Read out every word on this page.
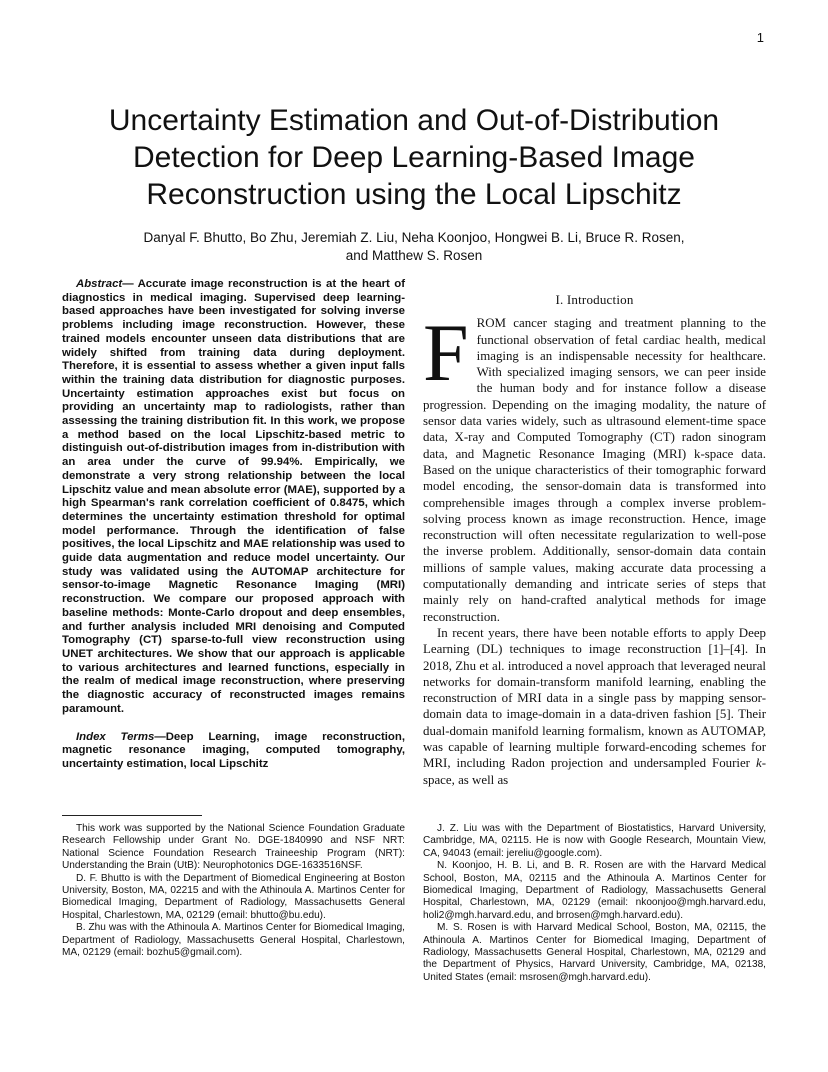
1
Uncertainty Estimation and Out-of-Distribution
Detection for Deep Learning-Based Image
Reconstruction using the Local Lipschitz
Danyal F. Bhutto, Bo Zhu, Jeremiah Z. Liu, Neha Koonjoo, Hongwei B. Li, Bruce R. Rosen,
and Matthew S. Rosen

Abstract— Accurate image reconstruction is at the heart of diagnostics in medical imaging. Supervised deep learning-based approaches have been investigated for solving inverse problems including image reconstruction. However, these trained models encounter unseen data distributions that are widely shifted from training data during deployment. Therefore, it is essential to assess whether a given input falls within the training data distribution for diagnostic purposes. Uncertainty estimation approaches exist but focus on providing an uncertainty map to radiologists, rather than assessing the training distribution fit. In this work, we propose a method based on the local Lipschitz-based metric to distinguish out-of-distribution images from in-distribution with an area under the curve of 99.94%. Empirically, we demonstrate a very strong relationship between the local Lipschitz value and mean absolute error (MAE), supported by a high Spearman's rank correlation coefficient of 0.8475, which determines the uncertainty estimation threshold for optimal model performance. Through the identification of false positives, the local Lipschitz and MAE relationship was used to guide data augmentation and reduce model uncertainty. Our study was validated using the AUTOMAP architecture for sensor-to-image Magnetic Resonance Imaging (MRI) reconstruction. We compare our proposed approach with baseline methods: Monte-Carlo dropout and deep ensembles, and further analysis included MRI denoising and Computed Tomography (CT) sparse-to-full view reconstruction using UNET architectures. We show that our approach is applicable to various architectures and learned functions, especially in the realm of medical image reconstruction, where preserving the diagnostic accuracy of reconstructed images remains paramount.

Index Terms—Deep Learning, image reconstruction, magnetic resonance imaging, computed tomography, uncertainty estimation, local Lipschitz

I. Introduction

FROM cancer staging and treatment planning to the functional observation of fetal cardiac health, medical imaging is an indispensable necessity for healthcare. With specialized imaging sensors, we can peer inside the human body and for instance follow a disease progression. Depending on the imaging modality, the nature of sensor data varies widely, such as ultrasound element-time space data, X-ray and Computed Tomography (CT) radon sinogram data, and Magnetic Resonance Imaging (MRI) k-space data. Based on the unique characteristics of their tomographic forward model encoding, the sensor-domain data is transformed into comprehensible images through a complex inverse problem-solving process known as image reconstruction. Hence, image reconstruction will often necessitate regularization to well-pose the inverse problem. Additionally, sensor-domain data contain millions of sample values, making accurate data processing a computationally demanding and intricate series of steps that mainly rely on hand-crafted analytical methods for image reconstruction.

In recent years, there have been notable efforts to apply Deep Learning (DL) techniques to image reconstruction [1]–[4]. In 2018, Zhu et al. introduced a novel approach that leveraged neural networks for domain-transform manifold learning, enabling the reconstruction of MRI data in a single pass by mapping sensor-domain data to image-domain in a data-driven fashion [5]. Their dual-domain manifold learning formalism, known as AUTOMAP, was capable of learning multiple forward-encoding schemes for MRI, including Radon projection and undersampled Fourier k-space, as well as

This work was supported by the National Science Foundation Graduate Research Fellowship under Grant No. DGE-1840990 and NSF NRT: National Science Foundation Research Traineeship Program (NRT): Understanding the Brain (UtB): Neurophotonics DGE-1633516NSF.

D. F. Bhutto is with the Department of Biomedical Engineering at Boston University, Boston, MA, 02215 and with the Athinoula A. Martinos Center for Biomedical Imaging, Department of Radiology, Massachusetts General Hospital, Charlestown, MA, 02129 (email: bhutto@bu.edu).

B. Zhu was with the Athinoula A. Martinos Center for Biomedical Imaging, Department of Radiology, Massachusetts General Hospital, Charlestown, MA, 02129 (email: bozhu5@gmail.com).

J. Z. Liu was with the Department of Biostatistics, Harvard University, Cambridge, MA, 02115. He is now with Google Research, Mountain View, CA, 94043 (email: jereliu@google.com).

N. Koonjoo, H. B. Li, and B. R. Rosen are with the Harvard Medical School, Boston, MA, 02115 and the Athinoula A. Martinos Center for Biomedical Imaging, Department of Radiology, Massachusetts General Hospital, Charlestown, MA, 02129 (email: nkoonjoo@mgh.harvard.edu, holi2@mgh.harvard.edu, and brrosen@mgh.harvard.edu).

M. S. Rosen is with Harvard Medical School, Boston, MA, 02115, the Athinoula A. Martinos Center for Biomedical Imaging, Department of Radiology, Massachusetts General Hospital, Charlestown, MA, 02129 and the Department of Physics, Harvard University, Cambridge, MA, 02138, United States (email: msrosen@mgh.harvard.edu).
